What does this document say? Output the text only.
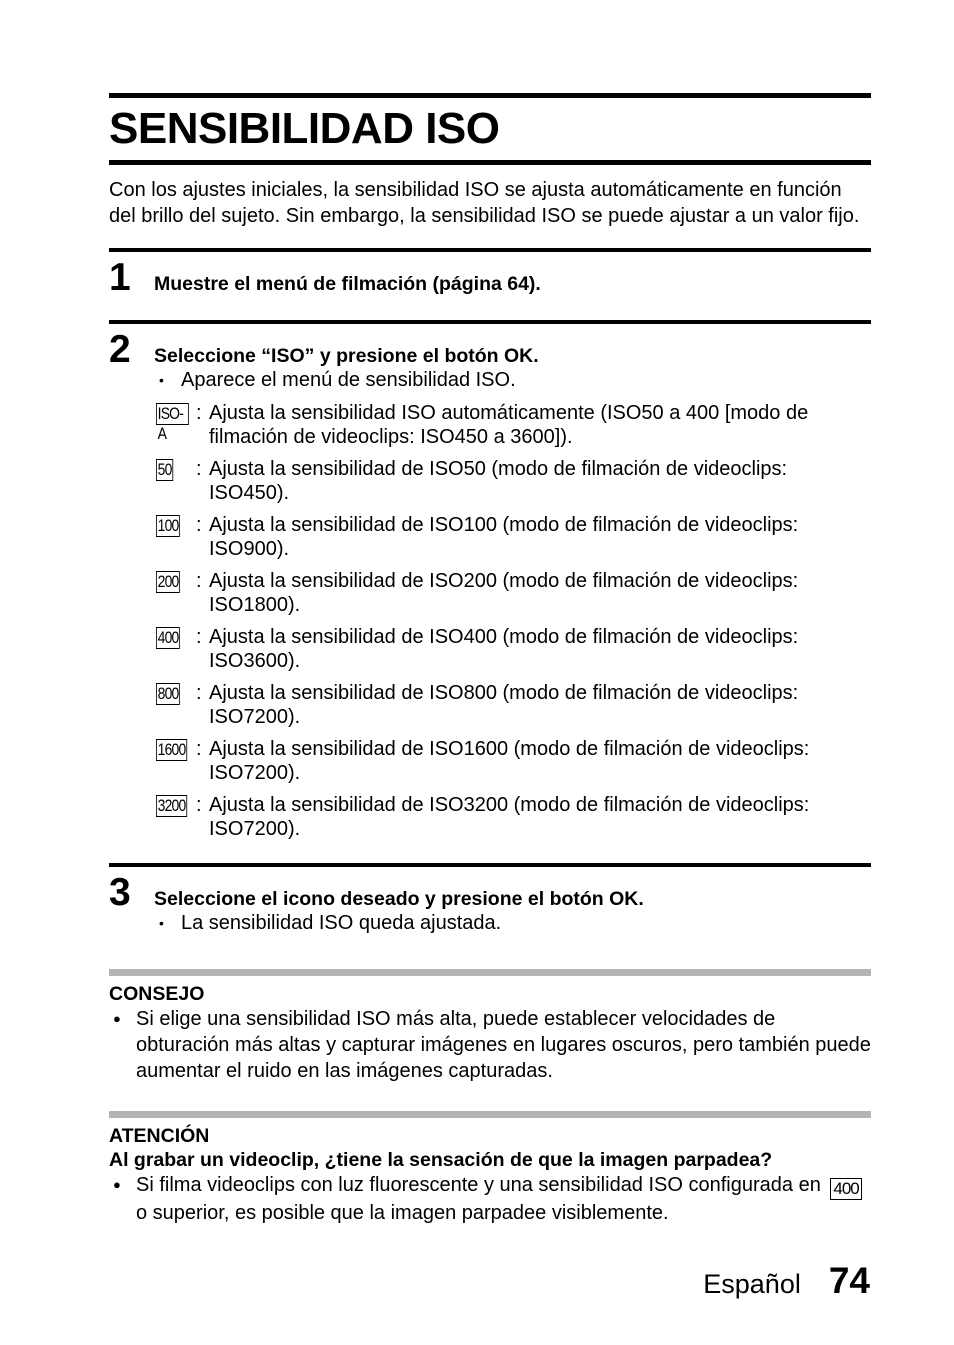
SENSIBILIDAD ISO

Con los ajustes iniciales, la sensibilidad ISO se ajusta automáticamente en función del brillo del sujeto. Sin embargo, la sensibilidad ISO se puede ajustar a un valor fijo.

1 Muestre el menú de filmación (página 64).
2 Seleccione “ISO” y presione el botón OK.
• Aparece el menú de sensibilidad ISO.
ISO-A
: Ajusta la sensibilidad ISO automáticamente (ISO50 a 400 [modo de filmación de videoclips: ISO450 a 3600]).
50	: Ajusta la sensibilidad de ISO50 (modo de filmación de videoclips: ISO450).
100 : Ajusta la sensibilidad de ISO100 (modo de filmación de videoclips: ISO900).
200 : Ajusta la sensibilidad de ISO200 (modo de filmación de videoclips: ISO1800).
400 : Ajusta la sensibilidad de ISO400 (modo de filmación de videoclips: ISO3600).
800 : Ajusta la sensibilidad de ISO800 (modo de filmación de videoclips: ISO7200).
1600 : Ajusta la sensibilidad de ISO1600 (modo de filmación de videoclips: ISO7200).
3200 : Ajusta la sensibilidad de ISO3200 (modo de filmación de videoclips: ISO7200).
3 Seleccione el icono deseado y presione el botón OK.
• La sensibilidad ISO queda ajustada.
CONSEJO
● Si elige una sensibilidad ISO más alta, puede establecer velocidades de obturación más altas y capturar imágenes en lugares oscuros, pero también puede aumentar el ruido en las imágenes capturadas.
ATENCIÓN
Al grabar un videoclip, ¿tiene la sensación de que la imagen parpadea?
● Si filma videoclips con luz fluorescente y una sensibilidad ISO configurada en 400 o superior, es posible que la imagen parpadee visiblemente.
Español 74
